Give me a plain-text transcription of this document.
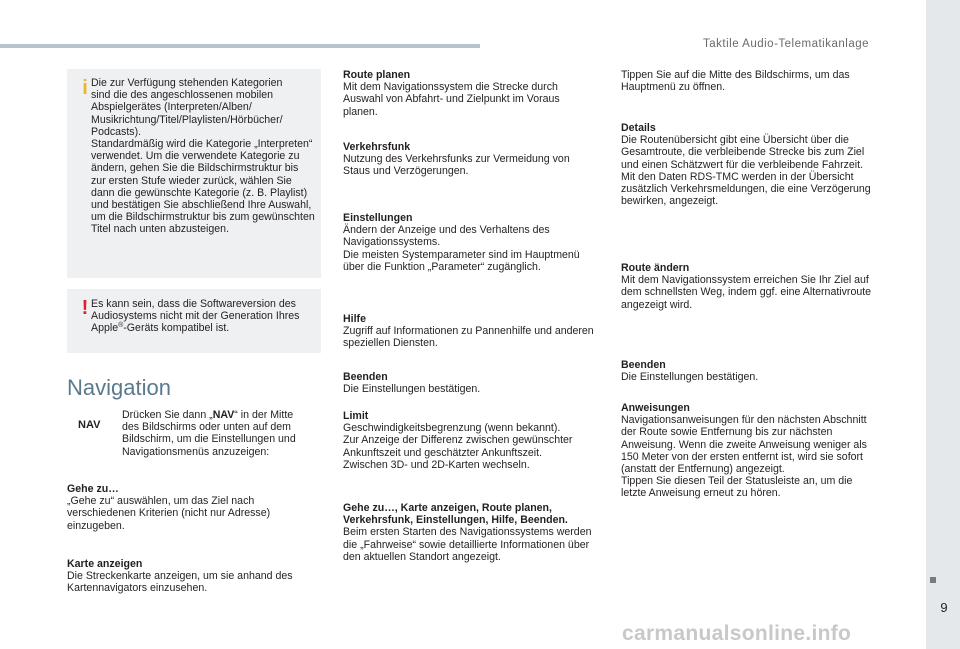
Taktile Audio-Telematikanlage
9
carmanualsonline.info
i Die zur Verfügung stehenden Kategorien
sind die des angeschlossenen mobilen
Abspielgerätes (Interpreten/Alben/
Musikrichtung/Titel/Playlisten/Hörbücher/
Podcasts).
Standardmäßig wird die Kategorie „Interpreten“
verwendet. Um die verwendete Kategorie zu
ändern, gehen Sie die Bildschirmstruktur bis
zur ersten Stufe wieder zurück, wählen Sie
dann die gewünschte Kategorie (z. B. Playlist)
und bestätigen Sie abschließend Ihre Auswahl,
um die Bildschirmstruktur bis zum gewünschten
Titel nach unten abzusteigen.
! Es kann sein, dass die Softwareversion des
Audiosystems nicht mit der Generation Ihres
Apple®-Geräts kompatibel ist.
Navigation
NAV
Drücken Sie dann „NAV“ in der Mitte
des Bildschirms oder unten auf dem
Bildschirm, um die Einstellungen und
Navigationsmenüs anzuzeigen:
Gehe zu…
„Gehe zu“ auswählen, um das Ziel nach
verschiedenen Kriterien (nicht nur Adresse)
einzugeben.
Karte anzeigen
Die Streckenkarte anzeigen, um sie anhand des
Kartennavigators einzusehen.
Route planen
Mit dem Navigationssystem die Strecke durch
Auswahl von Abfahrt- und Zielpunkt im Voraus
planen.
Verkehrsfunk
Nutzung des Verkehrsfunks zur Vermeidung von
Staus und Verzögerungen.
Einstellungen
Ändern der Anzeige und des Verhaltens des
Navigationssystems.
Die meisten Systemparameter sind im Hauptmenü
über die Funktion „Parameter“ zugänglich.
Hilfe
Zugriff auf Informationen zu Pannenhilfe und anderen
speziellen Diensten.
Beenden
Die Einstellungen bestätigen.
Limit
Geschwindigkeitsbegrenzung (wenn bekannt).
Zur Anzeige der Differenz zwischen gewünschter
Ankunftszeit und geschätzter Ankunftszeit.
Zwischen 3D- und 2D-Karten wechseln.
Gehe zu…, Karte anzeigen, Route planen,
Verkehrsfunk, Einstellungen, Hilfe, Beenden.
Beim ersten Starten des Navigationssystems werden
die „Fahrweise“ sowie detaillierte Informationen über
den aktuellen Standort angezeigt.
Tippen Sie auf die Mitte des Bildschirms, um das
Hauptmenü zu öffnen.
Details
Die Routenübersicht gibt eine Übersicht über die
Gesamtroute, die verbleibende Strecke bis zum Ziel
und einen Schätzwert für die verbleibende Fahrzeit.
Mit den Daten RDS-TMC werden in der Übersicht
zusätzlich Verkehrsmeldungen, die eine Verzögerung
bewirken, angezeigt.
Route ändern
Mit dem Navigationssystem erreichen Sie Ihr Ziel auf
dem schnellsten Weg, indem ggf. eine Alternativroute
angezeigt wird.
Beenden
Die Einstellungen bestätigen.
Anweisungen
Navigationsanweisungen für den nächsten Abschnitt
der Route sowie Entfernung bis zur nächsten
Anweisung. Wenn die zweite Anweisung weniger als
150 Meter von der ersten entfernt ist, wird sie sofort
(anstatt der Entfernung) angezeigt.
Tippen Sie diesen Teil der Statusleiste an, um die
letzte Anweisung erneut zu hören.
